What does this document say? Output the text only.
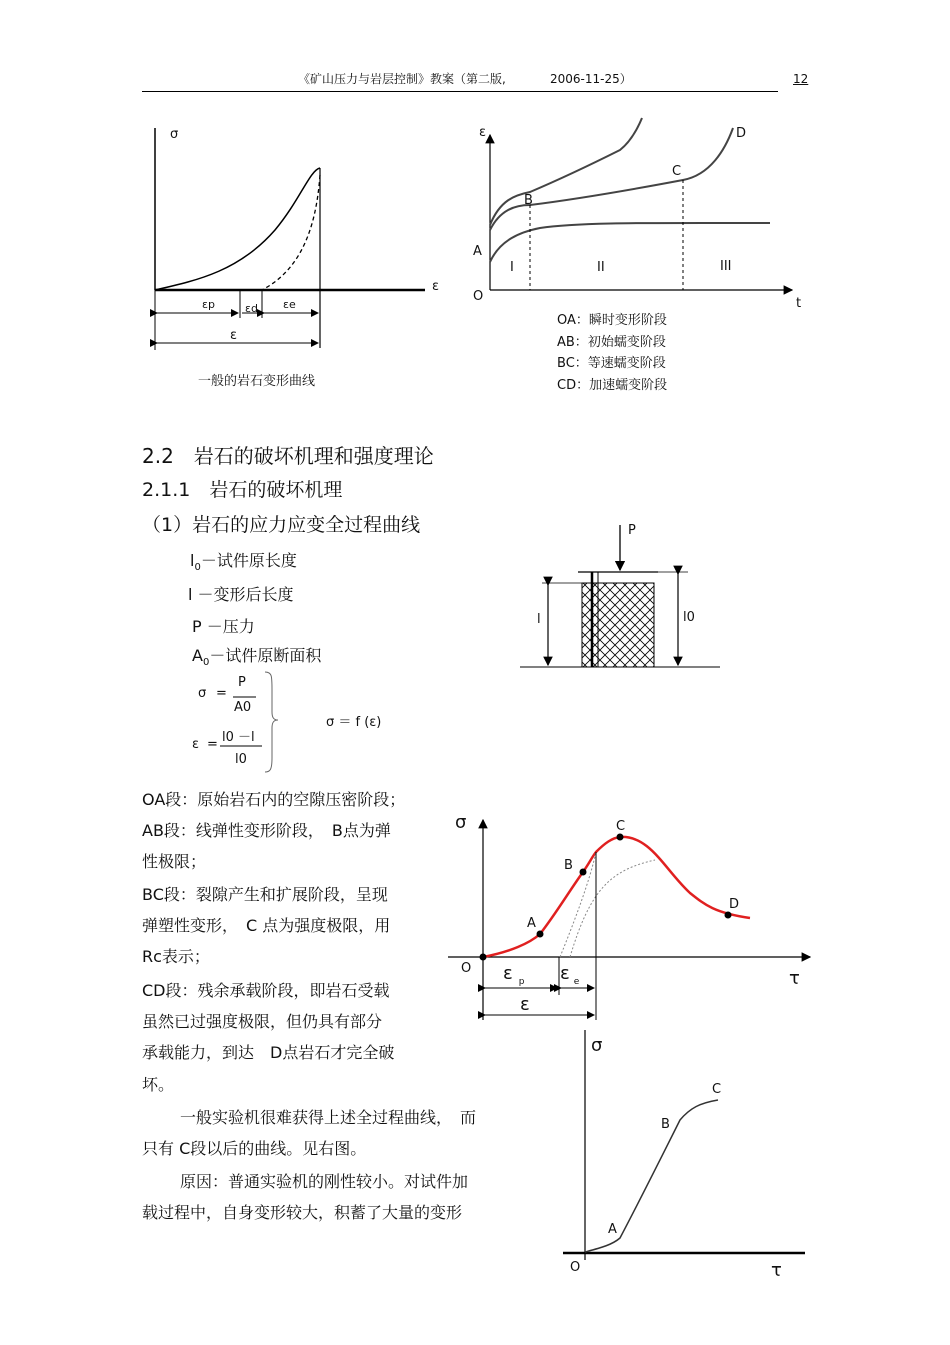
《矿山压力与岩层控制》教案（第二版,	2006-11-25）	12
σ
ε
εp	εd εe
ε
一般的岩石变形曲线
ε
t
O
A
B
C
D
I	II	III
OA：瞬时变形阶段
AB：初始蠕变阶段
BC：等速蠕变阶段
CD：加速蠕变阶段
2.2　岩石的破坏机理和强度理论
2.1.1　岩石的破坏机理
（1）岩石的应力应变全过程曲线
$l_0-$试件原长度
l －变形后长度
P －压力
$A_0-$试件原断面积
P
l	l0
σ =
P
A0
ε = l0 －l
l0
σ ＝ f (ε)
OA段：原始岩石内的空隙压密阶段；
AB段：线弹性变形阶段，　B点为弹
性极限；
BC段：裂隙产生和扩展阶段，呈现
弹塑性变形，　C 点为强度极限，用
Rc表示；
CD段：残余承载阶段，即岩石受载
虽然已过强度极限，但仍具有部分
承载能力，到达　D点岩石才完全破
坏。
一般实验机很难获得上述全过程曲线，　而
只有 C段以后的曲线。见右图。
原因：普通实验机的刚性较小。对试件加
载过程中，自身变形较大，积蓄了大量的变形
σ
τ
O
A
B
C
D
ε $_p$ ε $_e$
ε
σ
τ
O
A
B
C
